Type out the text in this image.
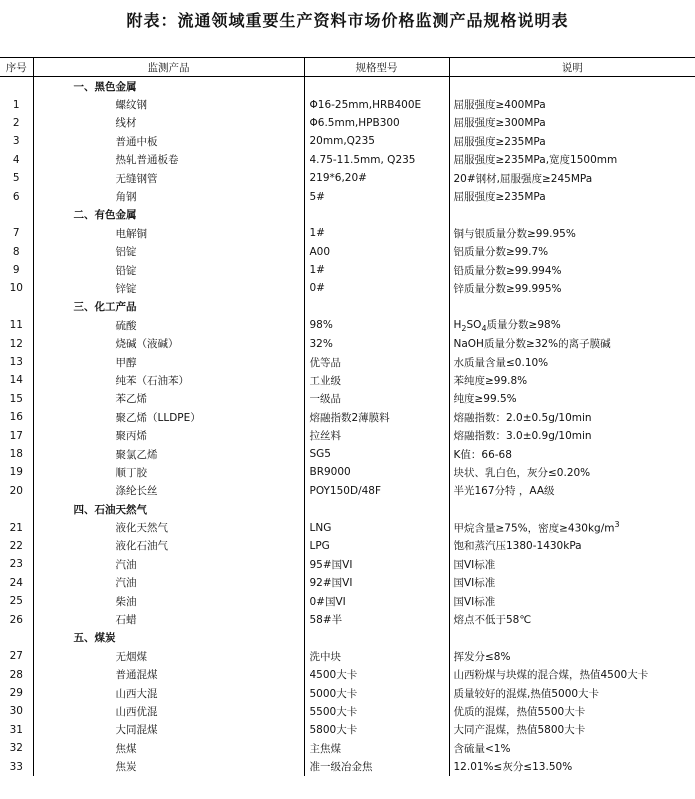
附表：流通领域重要生产资料市场价格监测产品规格说明表
序号	监测产品	规格型号	说明
	一、黑色金属		
1	螺纹钢	Φ16-25mm,HRB400E	屈服强度≥400MPa
2	线材	Φ6.5mm,HPB300	屈服强度≥300MPa
3	普通中板	20mm,Q235	屈服强度≥235MPa
4	热轧普通板卷	4.75-11.5mm, Q235	屈服强度≥235MPa,宽度1500mm
5	无缝钢管	219*6,20#	20#钢材,屈服强度≥245MPa
6	角钢	5#	屈服强度≥235MPa
	二、有色金属		
7	电解铜	1#	铜与银质量分数≥99.95%
8	铝锭	A00	铝质量分数≥99.7%
9	铅锭	1#	铅质量分数≥99.994%
10	锌锭	0#	锌质量分数≥99.995%
	三、化工产品		
11	硫酸	98%	$H_2SO_4$质量分数≥98%
12	烧碱（液碱）	32%	NaOH质量分数≥32%的离子膜碱
13	甲醇	优等品	水质量含量≤0.10%
14	纯苯（石油苯）	工业级	苯纯度≥99.8%
15	苯乙烯	一级品	纯度≥99.5%
16	聚乙烯（LLDPE）	熔融指数2薄膜料	熔融指数：2.0±0.5g/10min
17	聚丙烯	拉丝料	熔融指数：3.0±0.9g/10min
18	聚氯乙烯	SG5	K值：66-68
19	顺丁胶	BR9000	块状、乳白色，灰分≤0.20%
20	涤纶长丝	POY150D/48F	半光167分特 ，AA级
	四、石油天然气		
21	液化天然气	LNG	甲烷含量≥75%，密度$\ge 430kg/m^3$
22	液化石油气	LPG	饱和蒸汽压1380-1430kPa
23	汽油	95#国VI	国VI标准
24	汽油	92#国VI	国VI标准
25	柴油	0#国VI	国VI标准
26	石蜡	58#半	熔点不低于58℃
	五、煤炭		
27	无烟煤	洗中块	挥发分≤8%
28	普通混煤	4500大卡	山西粉煤与块煤的混合煤，热值4500大卡
29	山西大混	5000大卡	质量较好的混煤,热值5000大卡
30	山西优混	5500大卡	优质的混煤，热值5500大卡
31	大同混煤	5800大卡	大同产混煤，热值5800大卡
32	焦煤	主焦煤	含硫量<1%
33	焦炭	准一级冶金焦	12.01%≤灰分≤13.50%
